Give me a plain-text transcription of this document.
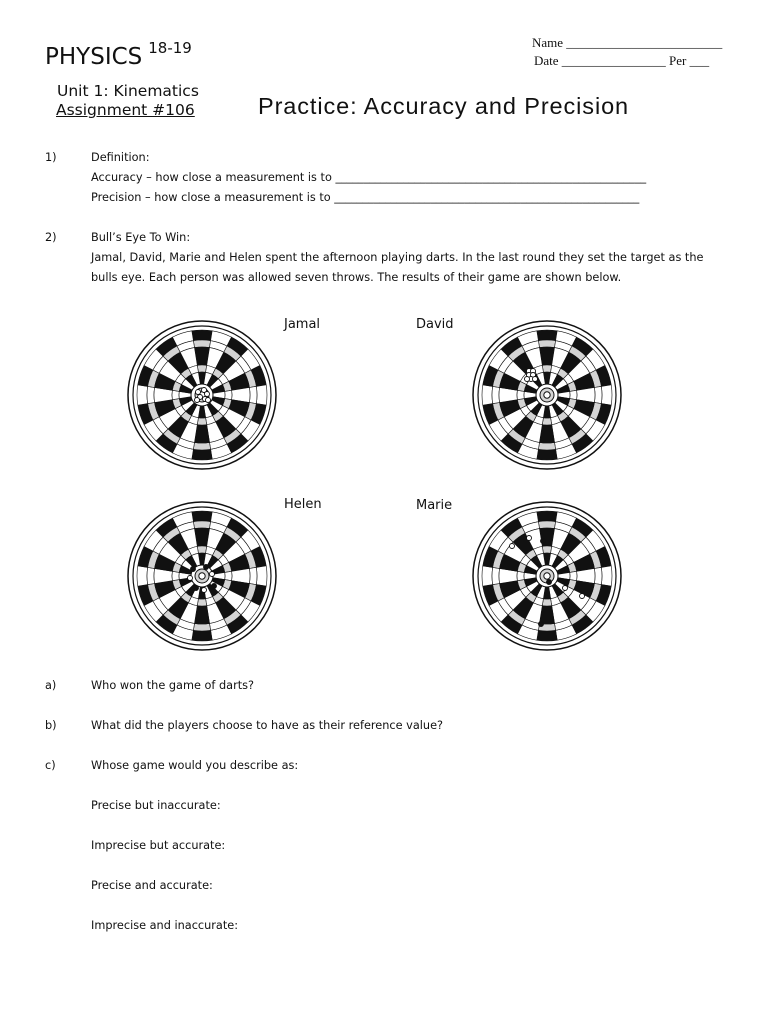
PHYSICS $^{18-19}$
Unit 1: Kinematics
Assignment #106	Practice: Accuracy and Precision
Name ________________________
Date ________________ Per ___
1)	Definition:
Accuracy – how close a measurement is to _______________________________________________________
Precision – how close a measurement is to ______________________________________________________
2)	Bull’s Eye To Win:
Jamal, David, Marie and Helen spent the afternoon playing darts. In the last round they set the target as the
bulls eye. Each person was allowed seven throws. The results of their game are shown below.
Jamal	David
Helen	Marie
a)	Who won the game of darts?
b)	What did the players choose to have as their reference value?
c)	Whose game would you describe as:
Precise but inaccurate:
Imprecise but accurate:
Precise and accurate:
Imprecise and inaccurate:
